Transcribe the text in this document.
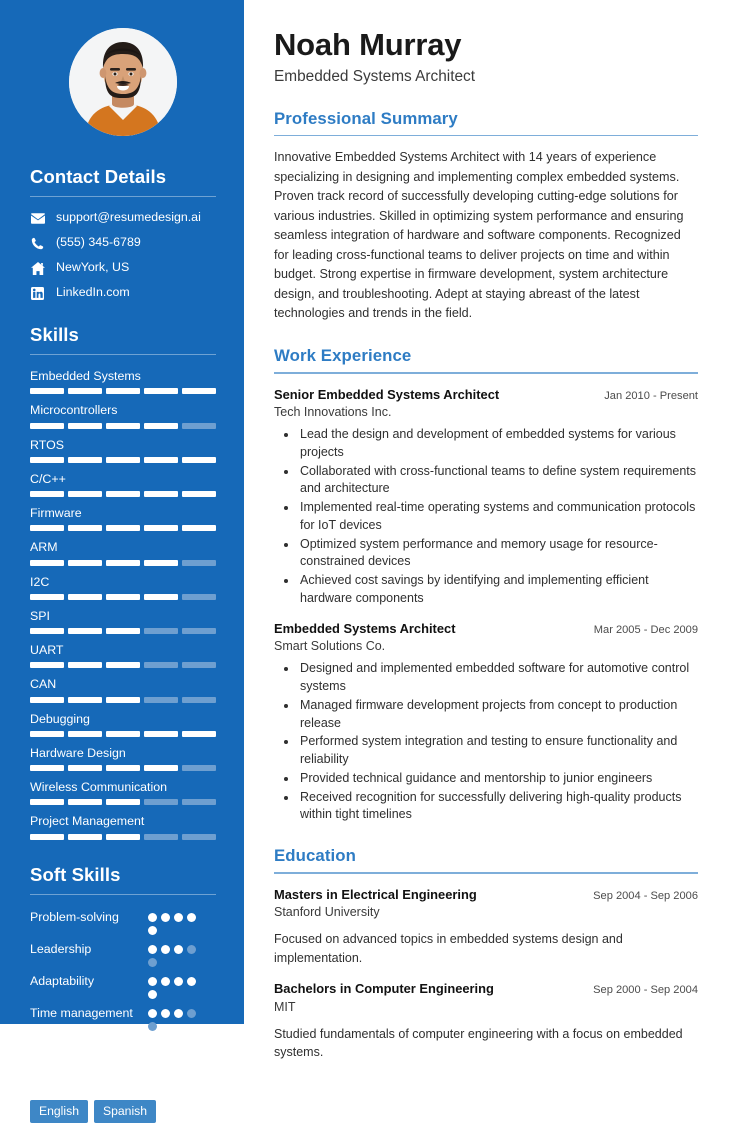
Contact Details
support@resumedesign.ai
(555) 345-6789
NewYork, US
LinkedIn.com
Skills
Embedded Systems
Microcontrollers
RTOS
C/C++
Firmware
ARM
I2C
SPI
UART
CAN
Debugging
Hardware Design
Wireless Communication
Project Management
Soft Skills
Problem-solving
Leadership
Adaptability
Time management
Languages
English	Spanish
Noah Murray
Embedded Systems Architect
Professional Summary

Innovative Embedded Systems Architect with 14 years of experience specializing in designing and implementing complex embedded systems. Proven track record of successfully developing cutting-edge solutions for various industries. Skilled in optimizing system performance and ensuring seamless integration of hardware and software components. Recognized for leading cross-functional teams to deliver projects on time and within budget. Strong expertise in firmware development, system architecture design, and troubleshooting. Adept at staying abreast of the latest technologies and trends in the field.

Work Experience
Senior Embedded Systems Architect	Jan 2010 - Present
Tech Innovations Inc.
• Lead the design and development of embedded systems for various projects
• Collaborated with cross-functional teams to define system requirements and architecture
• Implemented real-time operating systems and communication protocols for IoT devices
• Optimized system performance and memory usage for resource-constrained devices
• Achieved cost savings by identifying and implementing efficient hardware components
Embedded Systems Architect	Mar 2005 - Dec 2009
Smart Solutions Co.
• Designed and implemented embedded software for automotive control systems
• Managed firmware development projects from concept to production release
• Performed system integration and testing to ensure functionality and reliability
• Provided technical guidance and mentorship to junior engineers
• Received recognition for successfully delivering high-quality products within tight timelines
Education
Masters in Electrical Engineering	Sep 2004 - Sep 2006
Stanford University
Focused on advanced topics in embedded systems design and implementation.
Bachelors in Computer Engineering	Sep 2000 - Sep 2004
MIT
Studied fundamentals of computer engineering with a focus on embedded systems.
